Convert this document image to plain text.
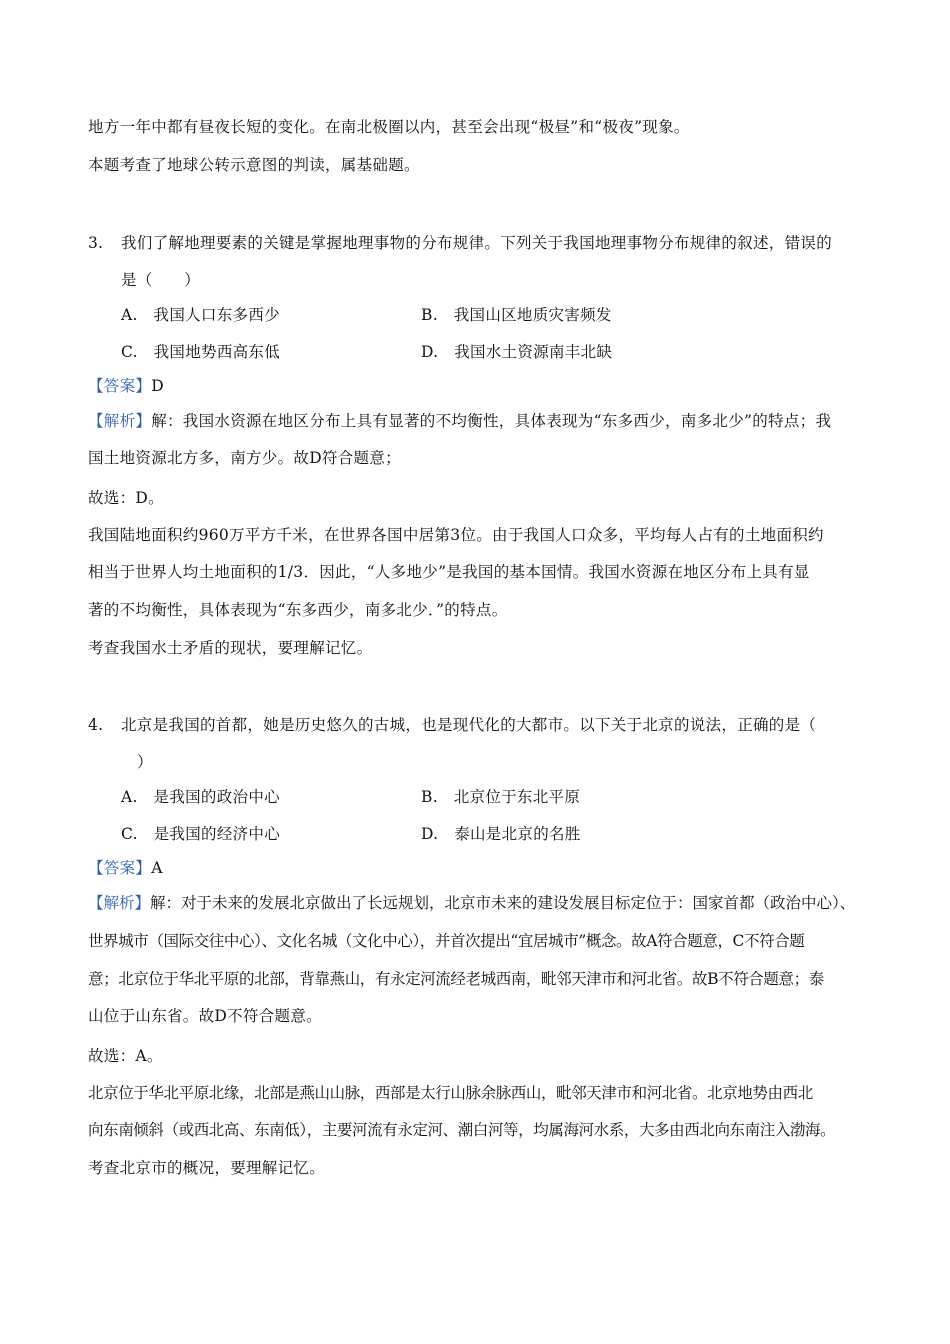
地方一年中都有昼夜长短的变化。在南北极圈以内，甚至会出现“极昼”和“极夜”现象。
本题考查了地球公转示意图的判读，属基础题。
3. 我们了解地理要素的关键是掌握地理事物的分布规律。下列关于我国地理事物分布规律的叙述，错误的
是（　　）
A.　我国人口东多西少	B.　我国山区地质灾害频发
C.　我国地势西高东低	D.　我国水土资源南丰北缺
【答案】D
【解析】解：我国水资源在地区分布上具有显著的不均衡性，具体表现为“东多西少，南多北少”的特点；我
国土地资源北方多，南方少。故D符合题意；
故选：D。
我国陆地面积约960万平方千米，在世界各国中居第3位。由于我国人口众多，平均每人占有的土地面积约
相当于世界人均土地面积的1/3．因此，“人多地少”是我国的基本国情。我国水资源在地区分布上具有显
著的不均衡性，具体表现为“东多西少，南多北少．”的特点。
考查我国水土矛盾的现状，要理解记忆。
4. 北京是我国的首都，她是历史悠久的古城，也是现代化的大都市。以下关于北京的说法，正确的是（
）
A.　是我国的政治中心	B.　北京位于东北平原
C.　是我国的经济中心	D.　泰山是北京的名胜
【答案】A
【解析】解：对于未来的发展北京做出了长远规划，北京市未来的建设发展目标定位于：国家首都（政治中心）、
世界城市（国际交往中心）、文化名城（文化中心），并首次提出“宜居城市”概念。故A符合题意，C不符合题
意；北京位于华北平原的北部，背靠燕山，有永定河流经老城西南，毗邻天津市和河北省。故B不符合题意；泰
山位于山东省。故D不符合题意。
故选：A。
北京位于华北平原北缘，北部是燕山山脉，西部是太行山脉余脉西山，毗邻天津市和河北省。北京地势由西北
向东南倾斜（或西北高、东南低），主要河流有永定河、潮白河等，均属海河水系，大多由西北向东南注入渤海。
考查北京市的概况，要理解记忆。
